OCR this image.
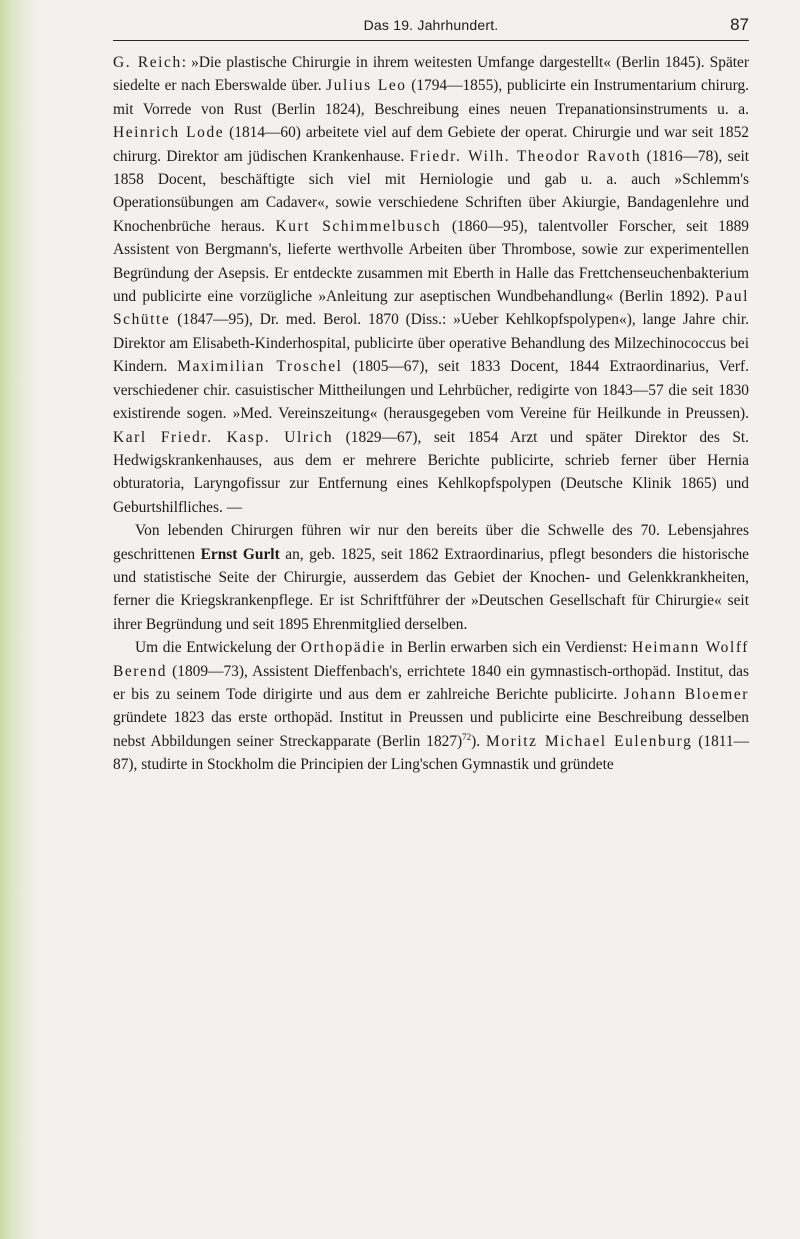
Das 19. Jahrhundert.	87

G. Reich: »Die plastische Chirurgie in ihrem weitesten Umfange dargestellt« (Berlin 1845). Später siedelte er nach Eberswalde über. Julius Leo (1794—1855), publicirte ein Instrumentarium chirurg. mit Vorrede von Rust (Berlin 1824), Beschreibung eines neuen Trepanationsinstruments u. a. Heinrich Lode (1814—60) arbeitete viel auf dem Gebiete der operat. Chirurgie und war seit 1852 chirurg. Direktor am jüdischen Krankenhause. Friedr. Wilh. Theodor Ravoth (1816—78), seit 1858 Docent, beschäftigte sich viel mit Herniologie und gab u. a. auch »Schlemm's Operationsübungen am Cadaver«, sowie verschiedene Schriften über Akiurgie, Bandagenlehre und Knochenbrüche heraus. Kurt Schimmelbusch (1860—95), talentvoller Forscher, seit 1889 Assistent von Bergmann's, lieferte werthvolle Arbeiten über Thrombose, sowie zur experimentellen Begründung der Asepsis. Er entdeckte zusammen mit Eberth in Halle das Frettchenseuchenbakterium und publicirte eine vorzügliche »Anleitung zur aseptischen Wundbehandlung« (Berlin 1892). Paul Schütte (1847—95), Dr. med. Berol. 1870 (Diss.: »Ueber Kehlkopfspolypen«), lange Jahre chir. Direktor am Elisabeth-Kinderhospital, publicirte über operative Behandlung des Milzechinococcus bei Kindern. Maximilian Troschel (1805—67), seit 1833 Docent, 1844 Extraordinarius, Verf. verschiedener chir. casuistischer Mittheilungen und Lehrbücher, redigirte von 1843—57 die seit 1830 existirende sogen. »Med. Vereinszeitung« (herausgegeben vom Vereine für Heilkunde in Preussen). Karl Friedr. Kasp. Ulrich (1829—67), seit 1854 Arzt und später Direktor des St. Hedwigskrankenhauses, aus dem er mehrere Berichte publicirte, schrieb ferner über Hernia obturatoria, Laryngofissur zur Entfernung eines Kehlkopfspolypen (Deutsche Klinik 1865) und Geburtshilfliches. —

Von lebenden Chirurgen führen wir nur den bereits über die Schwelle des 70. Lebensjahres geschrittenen Ernst Gurlt an, geb. 1825, seit 1862 Extraordinarius, pflegt besonders die historische und statistische Seite der Chirurgie, ausserdem das Gebiet der Knochen- und Gelenkkrankheiten, ferner die Kriegskrankenpflege. Er ist Schriftführer der »Deutschen Gesellschaft für Chirurgie« seit ihrer Begründung und seit 1895 Ehrenmitglied derselben.

Um die Entwickelung der Orthopädie in Berlin erwarben sich ein Verdienst: Heimann Wolff Berend (1809—73), Assistent Dieffenbach's, errichtete 1840 ein gymnastisch-orthopäd. Institut, das er bis zu seinem Tode dirigirte und aus dem er zahlreiche Berichte publicirte. Johann Bloemer gründete 1823 das erste orthopäd. Institut in Preussen und publicirte eine Beschreibung desselben nebst Abbildungen seiner Streckapparate (Berlin 1827)$^{72}$). Moritz Michael Eulenburg (1811—87), studirte in Stockholm die Principien der Ling'schen Gymnastik und gründete
